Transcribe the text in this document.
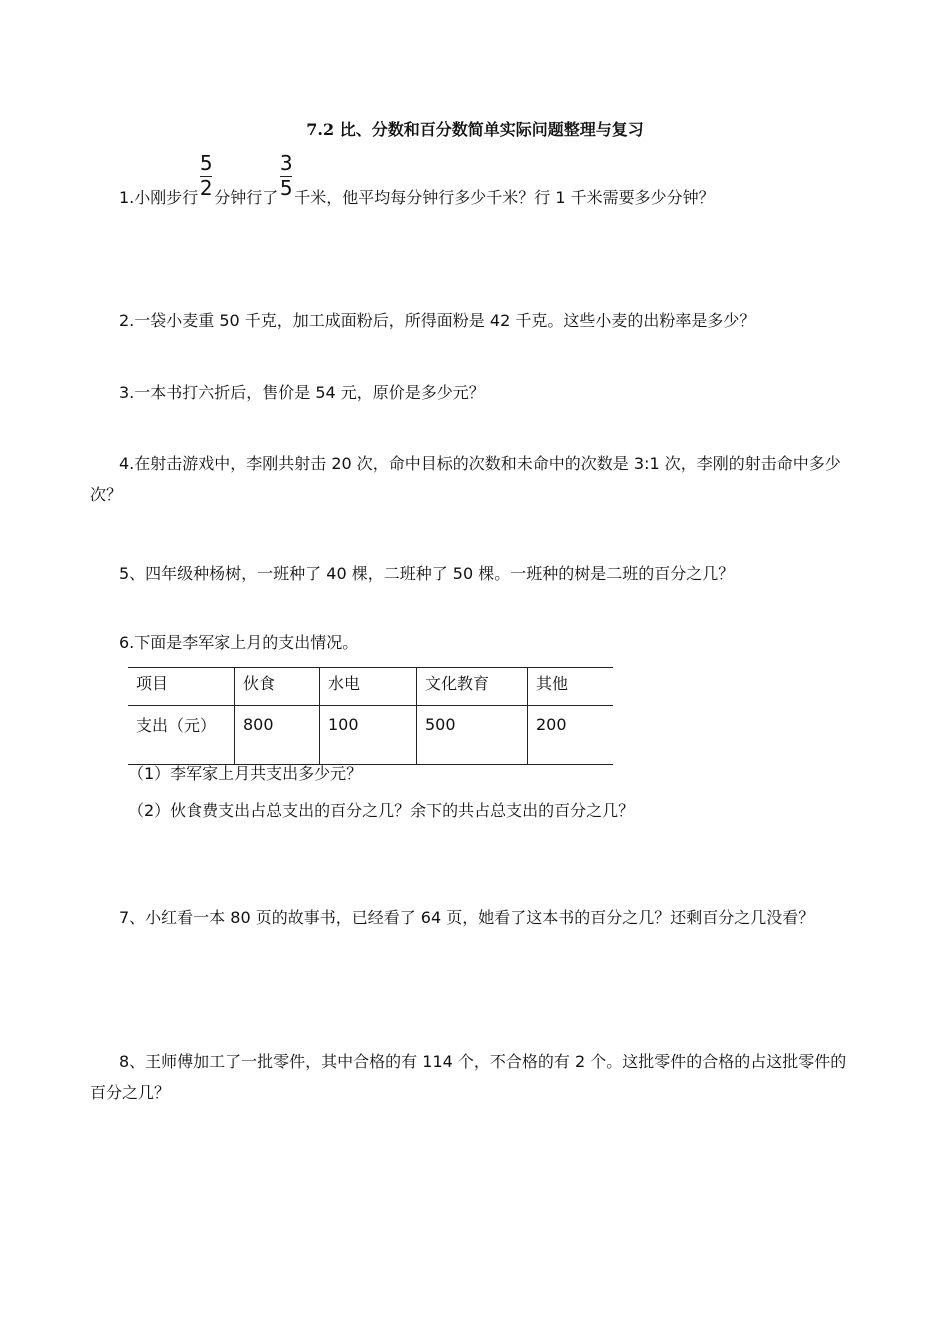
7.2 比、分数和百分数简单实际问题整理与复习
1.小刚步行 $\frac{5}{2}$ 分钟行了 $\frac{3}{5}$ 千米，他平均每分钟行多少千米？行 1 千米需要多少分钟？
2.一袋小麦重 50 千克，加工成面粉后，所得面粉是 42 千克。这些小麦的出粉率是多少？
3.一本书打六折后，售价是 54 元，原价是多少元？
4.在射击游戏中，李刚共射击 20 次，命中目标的次数和未命中的次数是 3:1 次，李刚的射击命中多少次？
5、四年级种杨树，一班种了 40 棵，二班种了 50 棵。一班种的树是二班的百分之几？
6.下面是李军家上月的支出情况。
项目	伙食	水电	文化教育	其他
支出（元）	800	100	500	200
（1）李军家上月共支出多少元？
（2）伙食费支出占总支出的百分之几？余下的共占总支出的百分之几？
7、小红看一本 80 页的故事书，已经看了 64 页，她看了这本书的百分之几？还剩百分之几没看？
8、王师傅加工了一批零件，其中合格的有 114 个，不合格的有 2 个。这批零件的合格的占这批零件的百分之几？
